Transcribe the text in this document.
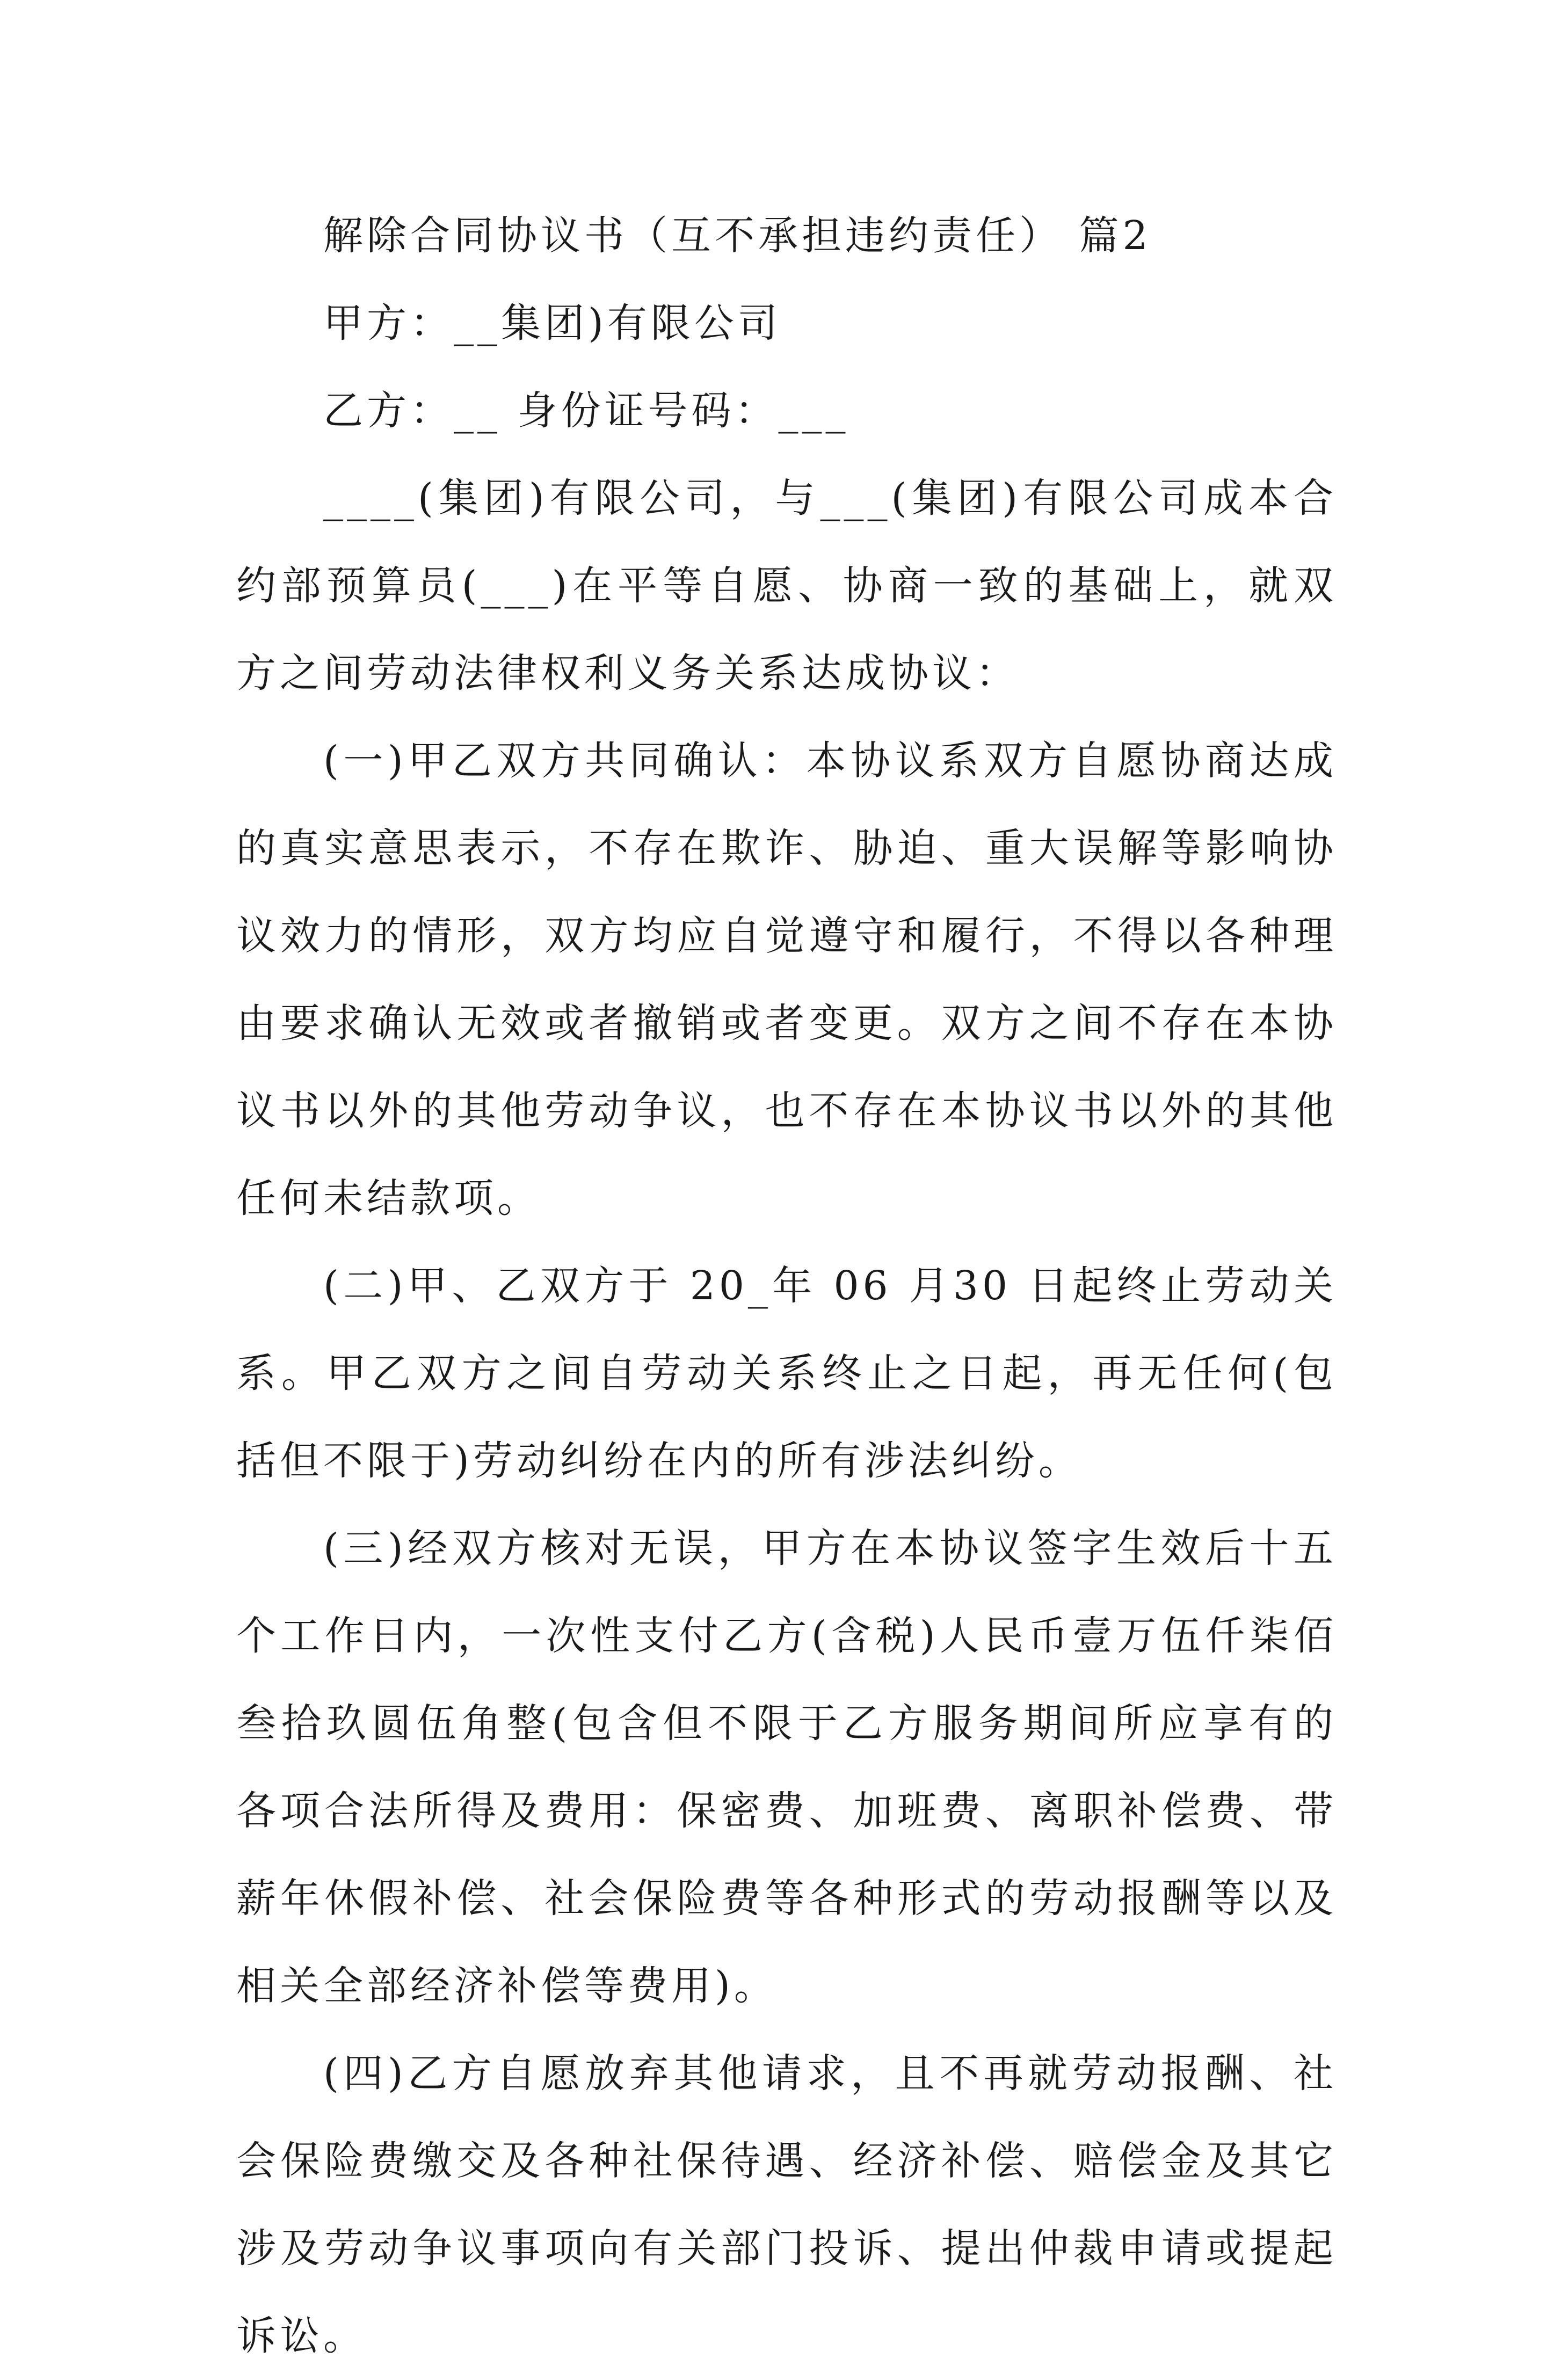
解除合同协议书（互不承担违约责任） 篇2

甲方：__集团)有限公司

乙方：__ 身份证号码：___

____(集团)有限公司，与___(集团)有限公司成本合约部预算员(___)在平等自愿、协商一致的基础上，就双方之间劳动法律权利义务关系达成协议：

(一)甲乙双方共同确认：本协议系双方自愿协商达成的真实意思表示，不存在欺诈、胁迫、重大误解等影响协议效力的情形，双方均应自觉遵守和履行，不得以各种理由要求确认无效或者撤销或者变更。双方之间不存在本协议书以外的其他劳动争议，也不存在本协议书以外的其他任何未结款项。

(二)甲、乙双方于 20_年 06 月30 日起终止劳动关系。甲乙双方之间自劳动关系终止之日起，再无任何(包括但不限于)劳动纠纷在内的所有涉法纠纷。

(三)经双方核对无误，甲方在本协议签字生效后十五个工作日内，一次性支付乙方(含税)人民币壹万伍仟柒佰叁拾玖圆伍角整(包含但不限于乙方服务期间所应享有的各项合法所得及费用：保密费、加班费、离职补偿费、带薪年休假补偿、社会保险费等各种形式的劳动报酬等以及相关全部经济补偿等费用)。

(四)乙方自愿放弃其他请求，且不再就劳动报酬、社会保险费缴交及各种社保待遇、经济补偿、赔偿金及其它涉及劳动争议事项向有关部门投诉、提出仲裁申请或提起诉讼。
